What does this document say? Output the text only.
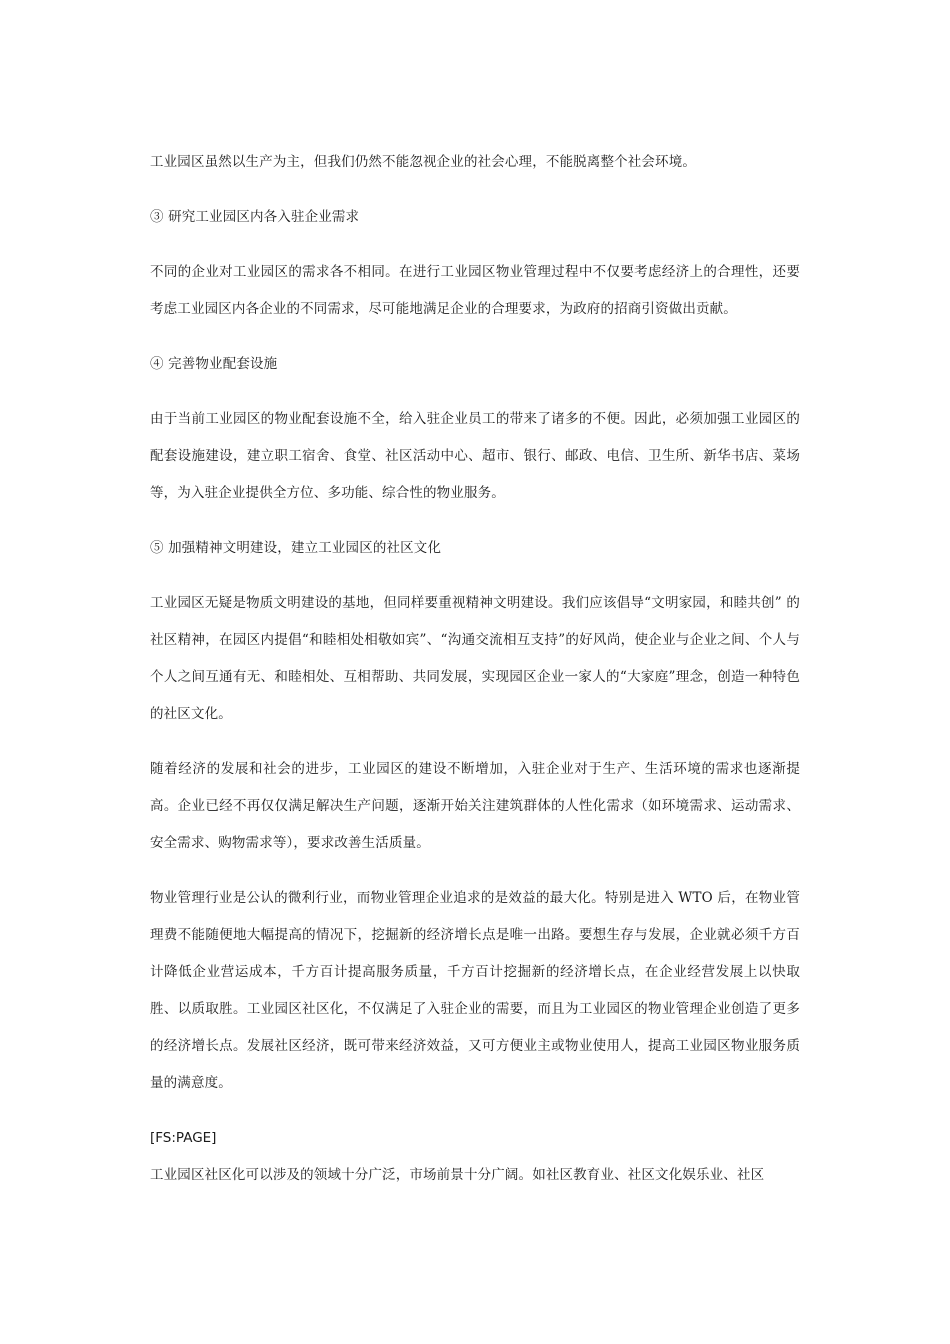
工业园区虽然以生产为主，但我们仍然不能忽视企业的社会心理，不能脱离整个社会环境。

③ 研究工业园区内各入驻企业需求

不同的企业对工业园区的需求各不相同。在进行工业园区物业管理过程中不仅要考虑经济上的合理性，还要考虑工业园区内各企业的不同需求，尽可能地满足企业的合理要求，为政府的招商引资做出贡献。

④ 完善物业配套设施

由于当前工业园区的物业配套设施不全，给入驻企业员工的带来了诸多的不便。因此，必须加强工业园区的配套设施建设，建立职工宿舍、食堂、社区活动中心、超市、银行、邮政、电信、卫生所、新华书店、菜场等，为入驻企业提供全方位、多功能、综合性的物业服务。

⑤ 加强精神文明建设，建立工业园区的社区文化

工业园区无疑是物质文明建设的基地，但同样要重视精神文明建设。我们应该倡导“文明家园，和睦共创” 的社区精神，在园区内提倡“和睦相处相敬如宾”、“沟通交流相互支持”的好风尚，使企业与企业之间、个人与个人之间互通有无、和睦相处、互相帮助、共同发展，实现园区企业一家人的“大家庭”理念，创造一种特色的社区文化。

随着经济的发展和社会的进步，工业园区的建设不断增加，入驻企业对于生产、生活环境的需求也逐渐提高。企业已经不再仅仅满足解决生产问题，逐渐开始关注建筑群体的人性化需求（如环境需求、运动需求、安全需求、购物需求等），要求改善生活质量。

物业管理行业是公认的微利行业，而物业管理企业追求的是效益的最大化。特别是进入 WTO 后，在物业管理费不能随便地大幅提高的情况下，挖掘新的经济增长点是唯一出路。要想生存与发展，企业就必须千方百计降低企业营运成本，千方百计提高服务质量，千方百计挖掘新的经济增长点，在企业经营发展上以快取胜、以质取胜。工业园区社区化，不仅满足了入驻企业的需要，而且为工业园区的物业管理企业创造了更多的经济增长点。发展社区经济，既可带来经济效益，又可方便业主或物业使用人，提高工业园区物业服务质量的满意度。

[FS:PAGE]

工业园区社区化可以涉及的领域十分广泛，市场前景十分广阔。如社区教育业、社区文化娱乐业、社区
